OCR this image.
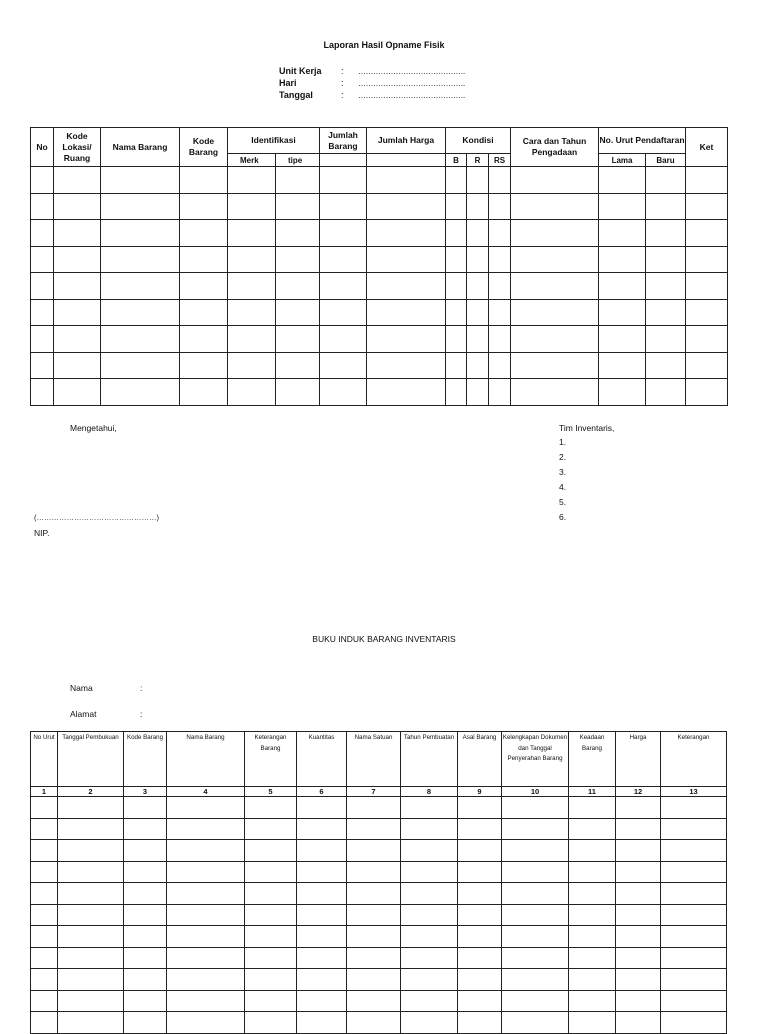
Laporan Hasil Opname Fisik
Unit Kerja : …………………………………….
Hari	: …………………………………….
Tanggal	: …………………………………….
No	Kode Lokasi/ Ruang	Nama Barang	Kode Barang	Identifikasi		Jumlah Barang	Jumlah Harga	Kondisi			Cara dan Tahun Pengadaan	No. Urut Pendaftaran		Ket
				Merk	tipe			B	R	RS		Lama	Baru	

Mengetahui,
(…………………………………………)
NIP.
Tim Inventaris,
1.
2.
3.
4.
5.
6.
BUKU INDUK BARANG INVENTARIS
Nama	:
Alamat	:
No Urut	Tanggal Pembukuan	Kode Barang	Nama Barang	Keterangan Barang	Kuantitas	Nama Satuan	Tahun Pembuatan	Asal Barang	Kelengkapan Dokumen dan Tanggal Penyerahan Barang	Keadaan Barang	Harga	Keterangan
1	2	3	4	5	6	7	8	9	10	11	12	13
